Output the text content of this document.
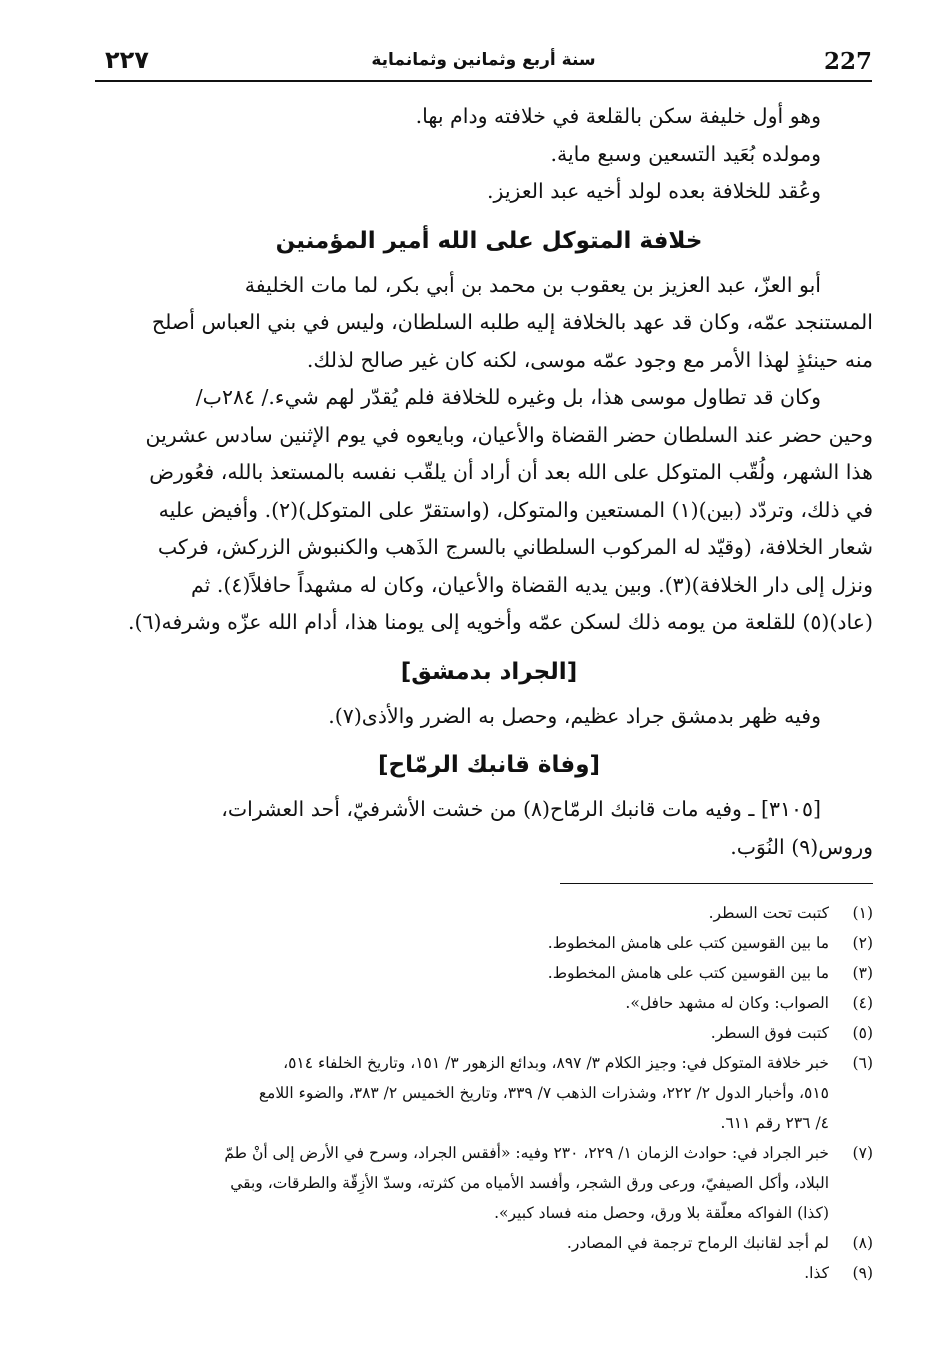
227
سنة أربع وثمانين وثمانماية
٢٢٧

وهو أول خليفة سكن بالقلعة في خلافته ودام بها.

ومولده بُعَيد التسعين وسبع ماية.

وعُقد للخلافة بعده لولد أخيه عبد العزيز.

خلافة المتوكل على الله أمير المؤمنين

أبو العزّ، عبد العزيز بن يعقوب بن محمد بن أبي بكر، لما مات الخليفة

المستنجد عمّه، وكان قد عهد بالخلافة إليه طلبه السلطان، وليس في بني العباس أصلح

منه حينئذٍ لهذا الأمر مع وجود عمّه موسى، لكنه كان غير صالح لذلك.

وكان قد تطاول موسى هذا، بل وغيره للخلافة فلم يُقدّر لهم شيء./ ٢٨٤ب/

وحين حضر عند السلطان حضر القضاة والأعيان، وبايعوه في يوم الإثنين سادس عشرين

هذا الشهر، ولُقّب المتوكل على الله بعد أن أراد أن يلقّب نفسه بالمستعذ بالله، فعُورض

في ذلك، وتردّد (بين)(١) المستعين والمتوكل، (واستقرّ على المتوكل)(٢). وأفيض عليه

شعار الخلافة، (وقيّد له المركوب السلطاني بالسرج الذَهب والكنبوش الزركش، فركب

ونزل إلى دار الخلافة)(٣). وبين يديه القضاة والأعيان، وكان له مشهداً حافلاً(٤). ثم

(عاد)(٥) للقلعة من يومه ذلك لسكن عمّه وأخويه إلى يومنا هذا، أدام الله عزّه وشرفه(٦).

[الجراد بدمشق]

وفيه ظهر بدمشق جراد عظيم، وحصل به الضرر والأذى(٧).

[وفاة قانبك الرمّاح]

[٣١٠٥] ـ وفيه مات قانبك الرمّاح(٨) من خشت الأشرفيّ، أحد العشرات،

وروس(٩) النُوَب.

(١)
كتبت تحت السطر.
(٢)
ما بين القوسين كتب على هامش المخطوط.
(٣)
ما بين القوسين كتب على هامش المخطوط.
(٤)
الصواب: وكان له مشهد حافل».
(٥)
كتبت فوق السطر.
(٦)
خبر خلافة المتوكل في: وجيز الكلام ٣/ ٨٩٧، وبدائع الزهور ٣/ ١٥١، وتاريخ الخلفاء ٥١٤،
٥١٥، وأخبار الدول ٢/ ٢٢٢، وشذرات الذهب ٧/ ٣٣٩، وتاريخ الخميس ٢/ ٣٨٣، والضوء اللامع
٤/ ٢٣٦ رقم ٦١١.
(٧)
خبر الجراد في: حوادث الزمان ١/ ٢٢٩، ٢٣٠ وفيه: «أفقس الجراد، وسرح في الأرض إلى أنْ طمّ
البلاد، وأكل الصيفيّ، ورعى ورق الشجر، وأفسد الأمياه من كثرته، وسدّ الأزِقّة والطرقات، وبقي
(كذا) الفواكه معلّقة بلا ورق، وحصل منه فساد كبير».
(٨)
لم أجد لقانبك الرماح ترجمة في المصادر.
(٩)
كذا.
